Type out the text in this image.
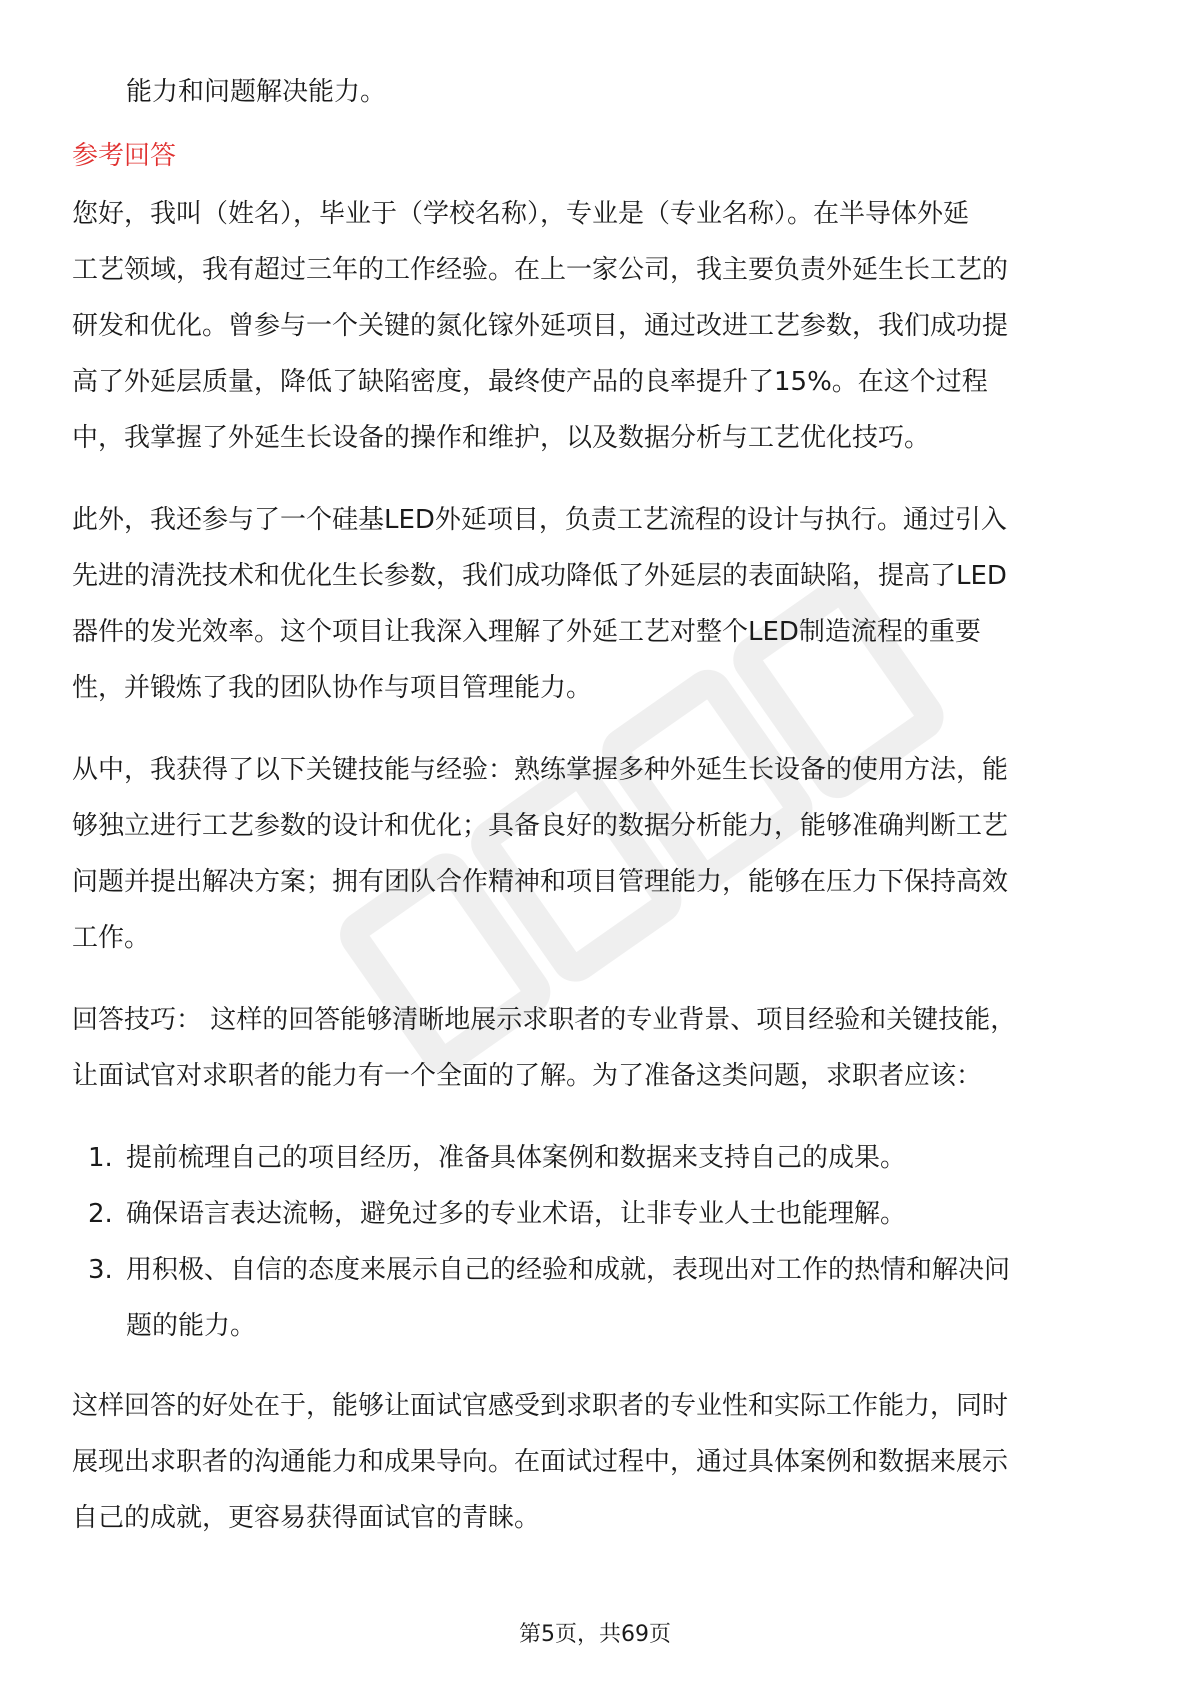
能力和问题解决能力。
参考回答
您好，我叫（姓名），毕业于（学校名称），专业是（专业名称）。在半导体外延
工艺领域，我有超过三年的工作经验。在上一家公司，我主要负责外延生长工艺的
研发和优化。曾参与一个关键的氮化镓外延项目，通过改进工艺参数，我们成功提
高了外延层质量，降低了缺陷密度，最终使产品的良率提升了15%。在这个过程
中，我掌握了外延生长设备的操作和维护，以及数据分析与工艺优化技巧。
此外，我还参与了一个硅基LED外延项目，负责工艺流程的设计与执行。通过引入
先进的清洗技术和优化生长参数，我们成功降低了外延层的表面缺陷，提高了LED
器件的发光效率。这个项目让我深入理解了外延工艺对整个LED制造流程的重要
性，并锻炼了我的团队协作与项目管理能力。
从中，我获得了以下关键技能与经验：熟练掌握多种外延生长设备的使用方法，能
够独立进行工艺参数的设计和优化；具备良好的数据分析能力，能够准确判断工艺
问题并提出解决方案；拥有团队合作精神和项目管理能力，能够在压力下保持高效
工作。
回答技巧： 这样的回答能够清晰地展示求职者的专业背景、项目经验和关键技能，
让面试官对求职者的能力有一个全面的了解。为了准备这类问题，求职者应该：
1. 提前梳理自己的项目经历，准备具体案例和数据来支持自己的成果。
2. 确保语言表达流畅，避免过多的专业术语，让非专业人士也能理解。
3. 用积极、自信的态度来展示自己的经验和成就，表现出对工作的热情和解决问
题的能力。
这样回答的好处在于，能够让面试官感受到求职者的专业性和实际工作能力，同时
展现出求职者的沟通能力和成果导向。在面试过程中，通过具体案例和数据来展示
自己的成就，更容易获得面试官的青睐。
第5页，共69页
